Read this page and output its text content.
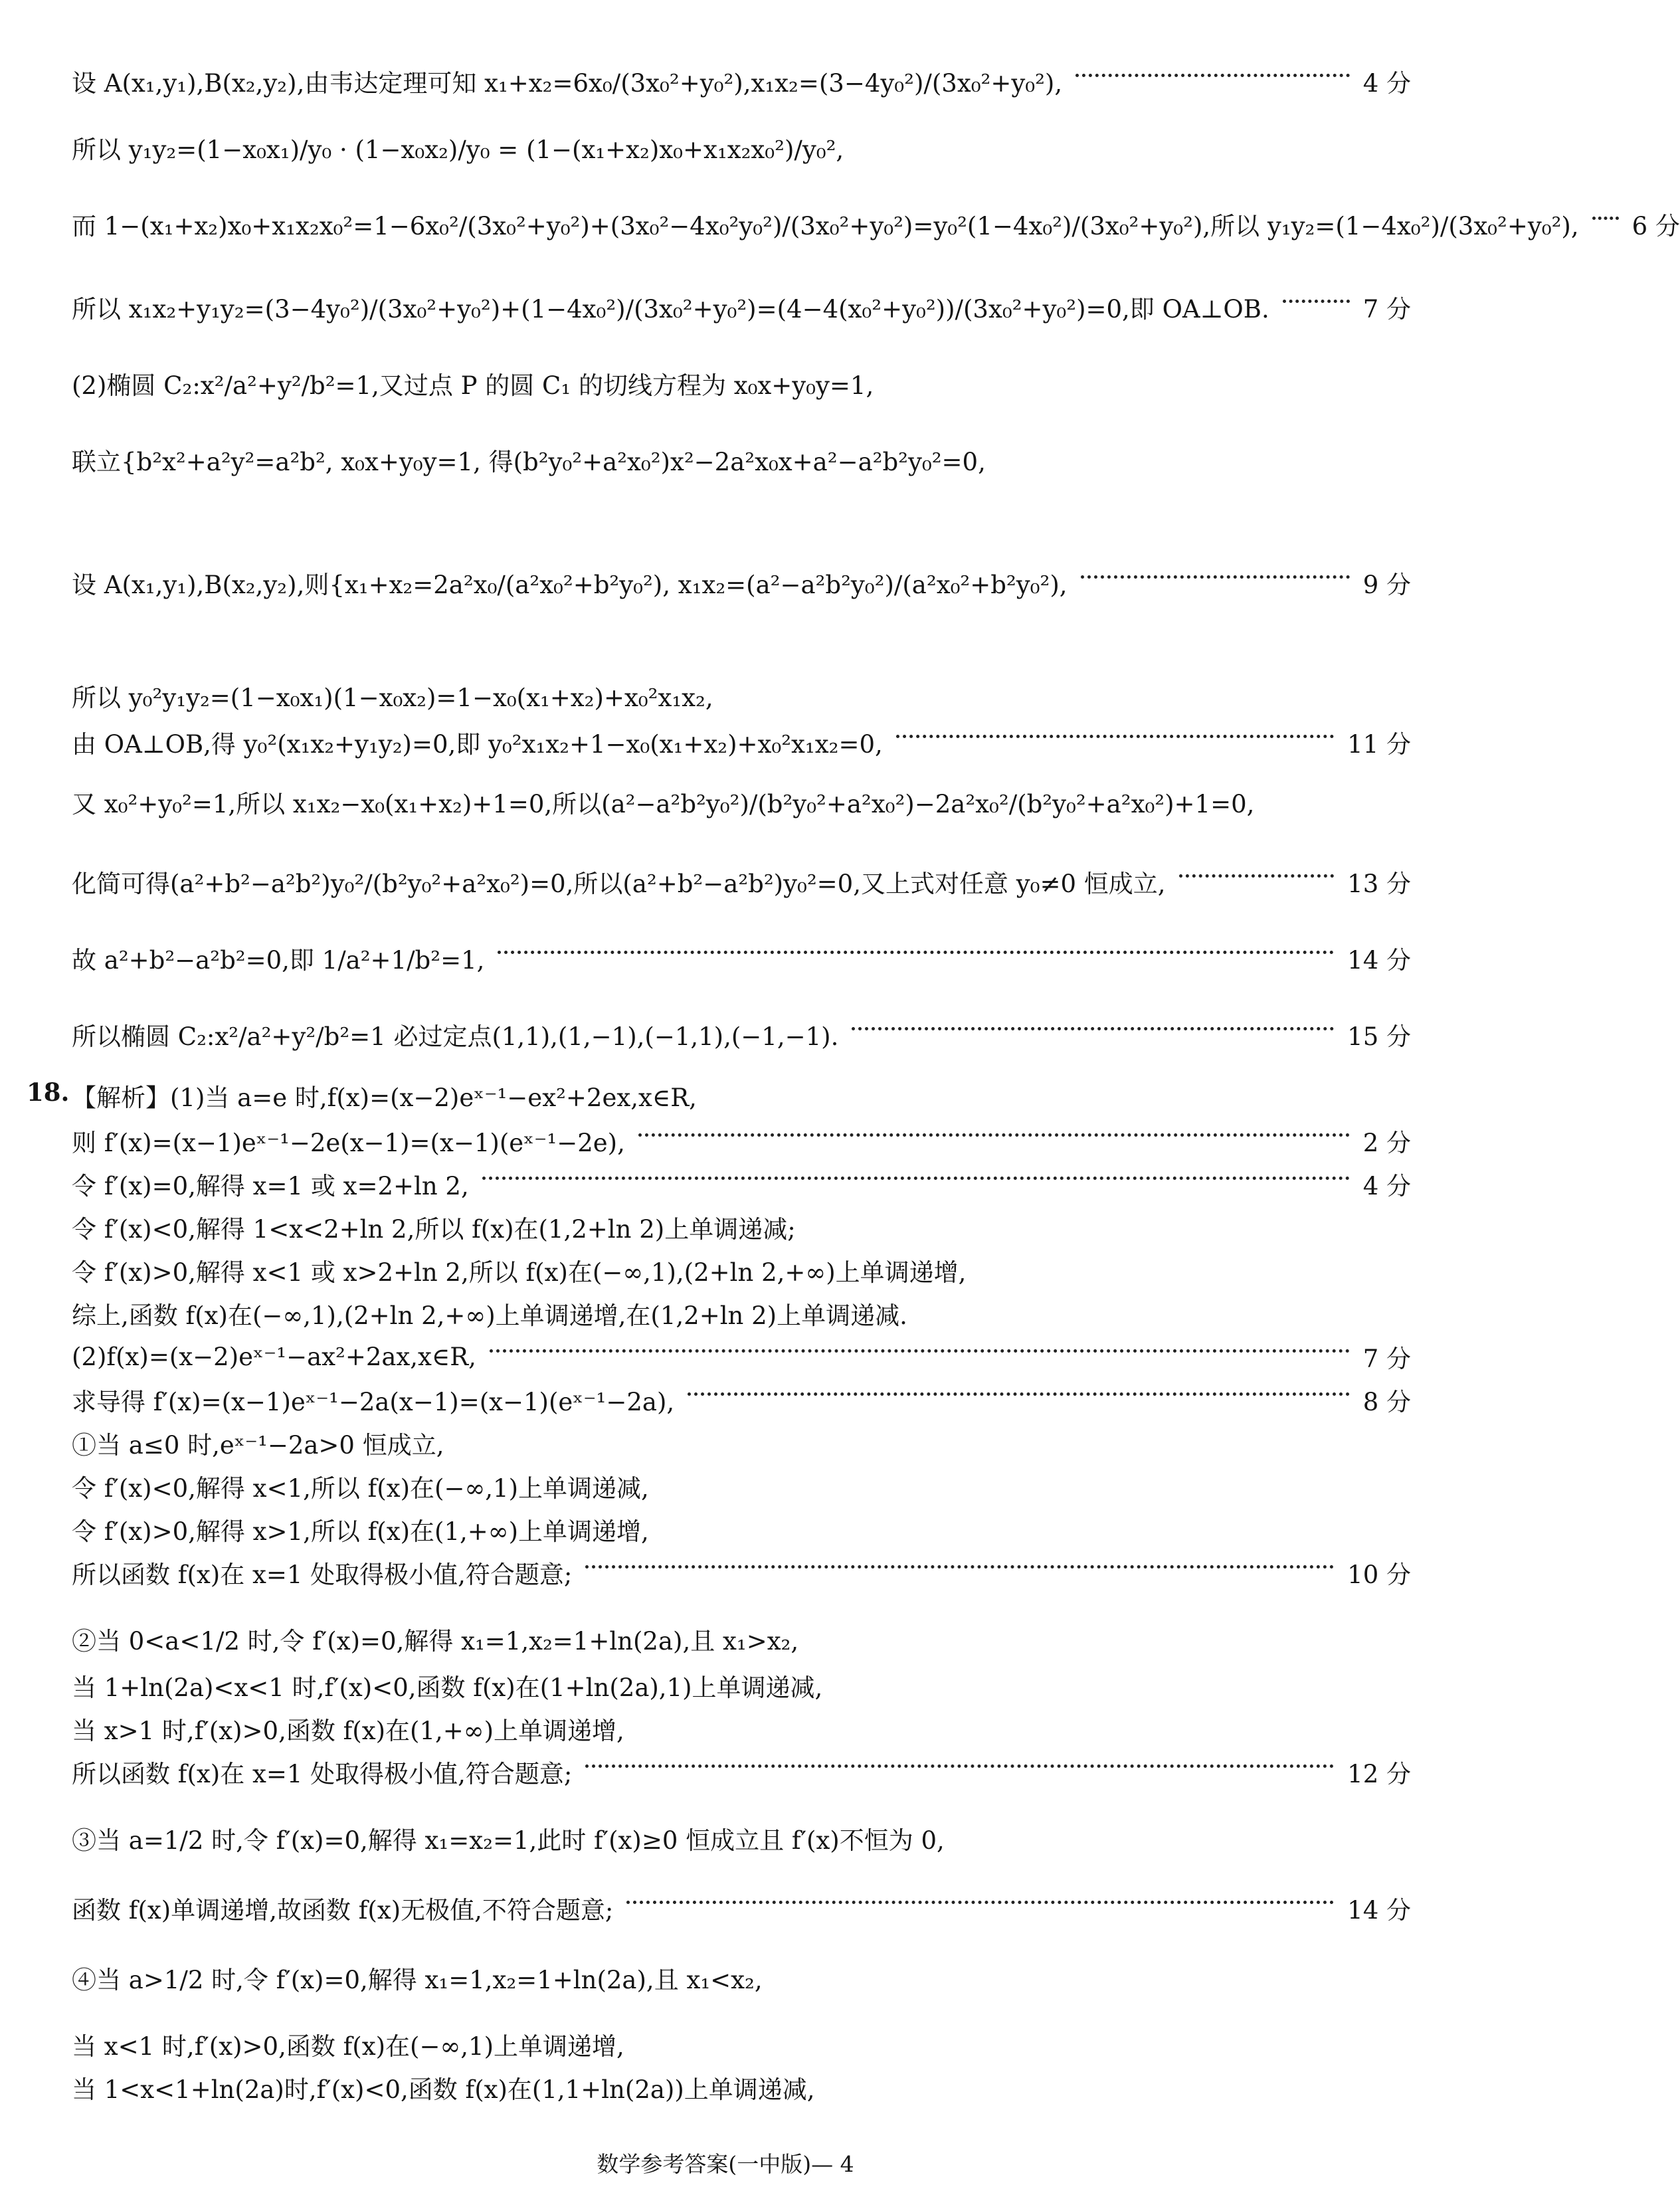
设 A(x₁,y₁),B(x₂,y₂),由韦达定理可知 x₁+x₂=6x₀/(3x₀²+y₀²),x₁x₂=(3−4y₀²)/(3x₀²+y₀²),	4 分
所以 y₁y₂=(1−x₀x₁)/y₀ · (1−x₀x₂)/y₀ = (1−(x₁+x₂)x₀+x₁x₂x₀²)/y₀²,
而 1−(x₁+x₂)x₀+x₁x₂x₀²=1−6x₀²/(3x₀²+y₀²)+(3x₀²−4x₀²y₀²)/(3x₀²+y₀²)=y₀²(1−4x₀²)/(3x₀²+y₀²),所以 y₁y₂=(1−4x₀²)/(3x₀²+y₀²), 6 分
所以 x₁x₂+y₁y₂=(3−4y₀²)/(3x₀²+y₀²)+(1−4x₀²)/(3x₀²+y₀²)=(4−4(x₀²+y₀²))/(3x₀²+y₀²)=0,即 OA⊥OB.	7 分
(2)椭圆 C₂:x²/a²+y²/b²=1,又过点 P 的圆 C₁ 的切线方程为 x₀x+y₀y=1,
联立{b²x²+a²y²=a²b², x₀x+y₀y=1, 得(b²y₀²+a²x₀²)x²−2a²x₀x+a²−a²b²y₀²=0,
设 A(x₁,y₁),B(x₂,y₂),则{x₁+x₂=2a²x₀/(a²x₀²+b²y₀²), x₁x₂=(a²−a²b²y₀²)/(a²x₀²+b²y₀²),	9 分
所以 y₀²y₁y₂=(1−x₀x₁)(1−x₀x₂)=1−x₀(x₁+x₂)+x₀²x₁x₂,
由 OA⊥OB,得 y₀²(x₁x₂+y₁y₂)=0,即 y₀²x₁x₂+1−x₀(x₁+x₂)+x₀²x₁x₂=0,	11 分
又 x₀²+y₀²=1,所以 x₁x₂−x₀(x₁+x₂)+1=0,所以(a²−a²b²y₀²)/(b²y₀²+a²x₀²)−2a²x₀²/(b²y₀²+a²x₀²)+1=0,
化简可得(a²+b²−a²b²)y₀²/(b²y₀²+a²x₀²)=0,所以(a²+b²−a²b²)y₀²=0,又上式对任意 y₀≠0 恒成立,	13 分
故 a²+b²−a²b²=0,即 1/a²+1/b²=1,	14 分
所以椭圆 C₂:x²/a²+y²/b²=1 必过定点(1,1),(1,−1),(−1,1),(−1,−1).	15 分
【解析】(1)当 a=e 时,f(x)=(x−2)eˣ⁻¹−ex²+2ex,x∈R,
则 f′(x)=(x−1)eˣ⁻¹−2e(x−1)=(x−1)(eˣ⁻¹−2e),	2 分
令 f′(x)=0,解得 x=1 或 x=2+ln 2,	4 分
令 f′(x)<0,解得 1<x<2+ln 2,所以 f(x)在(1,2+ln 2)上单调递减;
令 f′(x)>0,解得 x<1 或 x>2+ln 2,所以 f(x)在(−∞,1),(2+ln 2,+∞)上单调递增,
综上,函数 f(x)在(−∞,1),(2+ln 2,+∞)上单调递增,在(1,2+ln 2)上单调递减.
(2)f(x)=(x−2)eˣ⁻¹−ax²+2ax,x∈R,	7 分
求导得 f′(x)=(x−1)eˣ⁻¹−2a(x−1)=(x−1)(eˣ⁻¹−2a),	8 分
①当 a≤0 时,eˣ⁻¹−2a>0 恒成立,
令 f′(x)<0,解得 x<1,所以 f(x)在(−∞,1)上单调递减,
令 f′(x)>0,解得 x>1,所以 f(x)在(1,+∞)上单调递增,
所以函数 f(x)在 x=1 处取得极小值,符合题意;	10 分
②当 0<a<1/2 时,令 f′(x)=0,解得 x₁=1,x₂=1+ln(2a),且 x₁>x₂,
当 1+ln(2a)<x<1 时,f′(x)<0,函数 f(x)在(1+ln(2a),1)上单调递减,
当 x>1 时,f′(x)>0,函数 f(x)在(1,+∞)上单调递增,
所以函数 f(x)在 x=1 处取得极小值,符合题意;	12 分
③当 a=1/2 时,令 f′(x)=0,解得 x₁=x₂=1,此时 f′(x)≥0 恒成立且 f′(x)不恒为 0,
函数 f(x)单调递增,故函数 f(x)无极值,不符合题意;	14 分
④当 a>1/2 时,令 f′(x)=0,解得 x₁=1,x₂=1+ln(2a),且 x₁<x₂,
当 x<1 时,f′(x)>0,函数 f(x)在(−∞,1)上单调递增,
当 1<x<1+ln(2a)时,f′(x)<0,函数 f(x)在(1,1+ln(2a))上单调递减,
18.
数学参考答案(一中版)— 4
